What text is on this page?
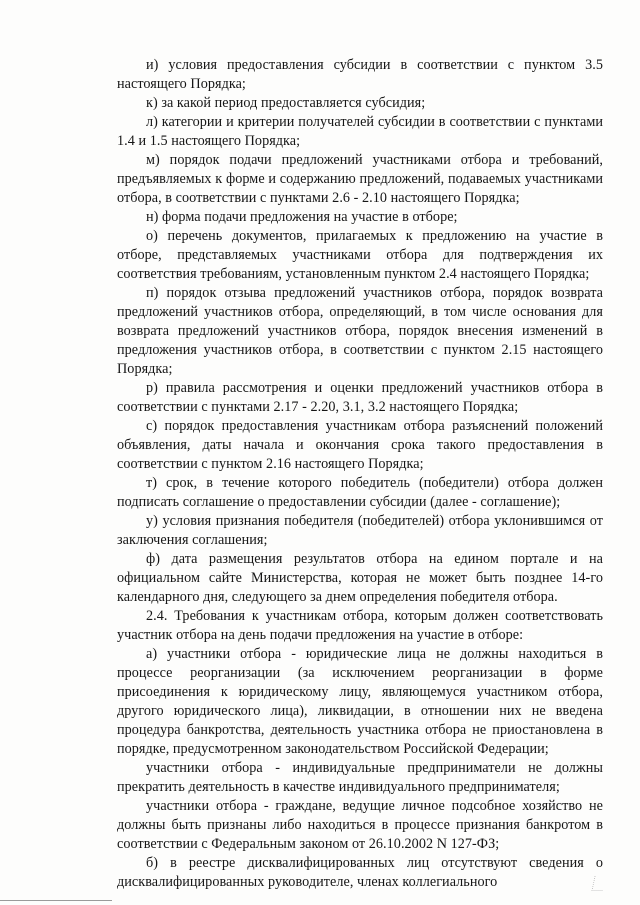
и) условия предоставления субсидии в соответствии с пунктом 3.5 настоящего Порядка;

к) за какой период предоставляется субсидия;

л) категории и критерии получателей субсидии в соответствии с пунктами 1.4 и 1.5 настоящего Порядка;

м) порядок подачи предложений участниками отбора и требований, предъявляемых к форме и содержанию предложений, подаваемых участниками отбора, в соответствии с пунктами 2.6 - 2.10 настоящего Порядка;

н) форма подачи предложения на участие в отборе;

о) перечень документов, прилагаемых к предложению на участие в отборе, представляемых участниками отбора для подтверждения их соответствия требованиям, установленным пунктом 2.4 настоящего Порядка;

п) порядок отзыва предложений участников отбора, порядок возврата предложений участников отбора, определяющий, в том числе основания для возврата предложений участников отбора, порядок внесения изменений в предложения участников отбора, в соответствии с пунктом 2.15 настоящего Порядка;

р) правила рассмотрения и оценки предложений участников отбора в соответствии с пунктами 2.17 - 2.20, 3.1, 3.2 настоящего Порядка;

с) порядок предоставления участникам отбора разъяснений положений объявления, даты начала и окончания срока такого предоставления в соответствии с пунктом 2.16 настоящего Порядка;

т) срок, в течение которого победитель (победители) отбора должен подписать соглашение о предоставлении субсидии (далее - соглашение);

у) условия признания победителя (победителей) отбора уклонившимся от заключения соглашения;

ф) дата размещения результатов отбора на едином портале и на официальном сайте Министерства, которая не может быть позднее 14-го календарного дня, следующего за днем определения победителя отбора.

2.4. Требования к участникам отбора, которым должен соответствовать участник отбора на день подачи предложения на участие в отборе:

а) участники отбора - юридические лица не должны находиться в процессе реорганизации (за исключением реорганизации в форме присоединения к юридическому лицу, являющемуся участником отбора, другого юридического лица), ликвидации, в отношении них не введена процедура банкротства, деятельность участника отбора не приостановлена в порядке, предусмотренном законодательством Российской Федерации;

участники отбора - индивидуальные предприниматели не должны прекратить деятельность в качестве индивидуального предпринимателя;

участники отбора - граждане, ведущие личное подсобное хозяйство не должны быть признаны либо находиться в процессе признания банкротом в соответствии с Федеральным законом от 26.10.2002 N 127-ФЗ;

б) в реестре дисквалифицированных лиц отсутствуют сведения о дисквалифицированных руководителе, членах коллегиального
